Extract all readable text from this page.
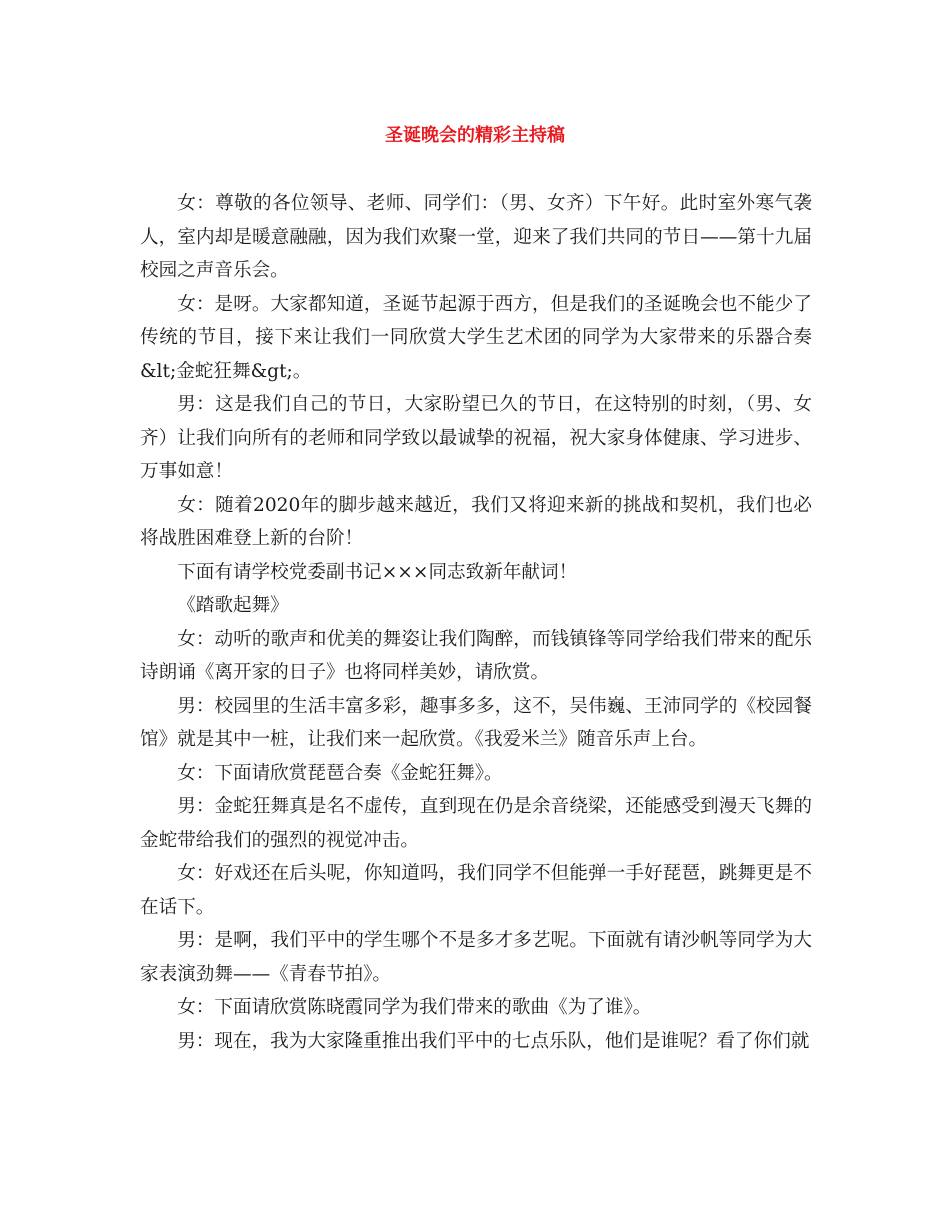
圣诞晚会的精彩主持稿

女：尊敬的各位领导、老师、同学们：（男、女齐）下午好。此时室外寒气袭人，室内却是暖意融融，因为我们欢聚一堂，迎来了我们共同的节日——第十九届校园之声音乐会。

女：是呀。大家都知道，圣诞节起源于西方，但是我们的圣诞晚会也不能少了传统的节目，接下来让我们一同欣赏大学生艺术团的同学为大家带来的乐器合奏&lt;金蛇狂舞&gt;。

男：这是我们自己的节日，大家盼望已久的节日，在这特别的时刻，（男、女齐）让我们向所有的老师和同学致以最诚挚的祝福，祝大家身体健康、学习进步、万事如意！

女：随着2020年的脚步越来越近，我们又将迎来新的挑战和契机，我们也必将战胜困难登上新的台阶！

下面有请学校党委副书记×××同志致新年献词！

《踏歌起舞》

女：动听的歌声和优美的舞姿让我们陶醉，而钱镇锋等同学给我们带来的配乐诗朗诵《离开家的日子》也将同样美妙，请欣赏。

男：校园里的生活丰富多彩，趣事多多，这不，吴伟巍、王沛同学的《校园餐馆》就是其中一桩，让我们来一起欣赏。《我爱米兰》随音乐声上台。

女：下面请欣赏琵琶合奏《金蛇狂舞》。

男：金蛇狂舞真是名不虚传，直到现在仍是余音绕梁，还能感受到漫天飞舞的金蛇带给我们的强烈的视觉冲击。

女：好戏还在后头呢，你知道吗，我们同学不但能弹一手好琵琶，跳舞更是不在话下。

男：是啊，我们平中的学生哪个不是多才多艺呢。下面就有请沙帆等同学为大家表演劲舞——《青春节拍》。

女：下面请欣赏陈晓霞同学为我们带来的歌曲《为了谁》。

男：现在，我为大家隆重推出我们平中的七点乐队，他们是谁呢？看了你们就
